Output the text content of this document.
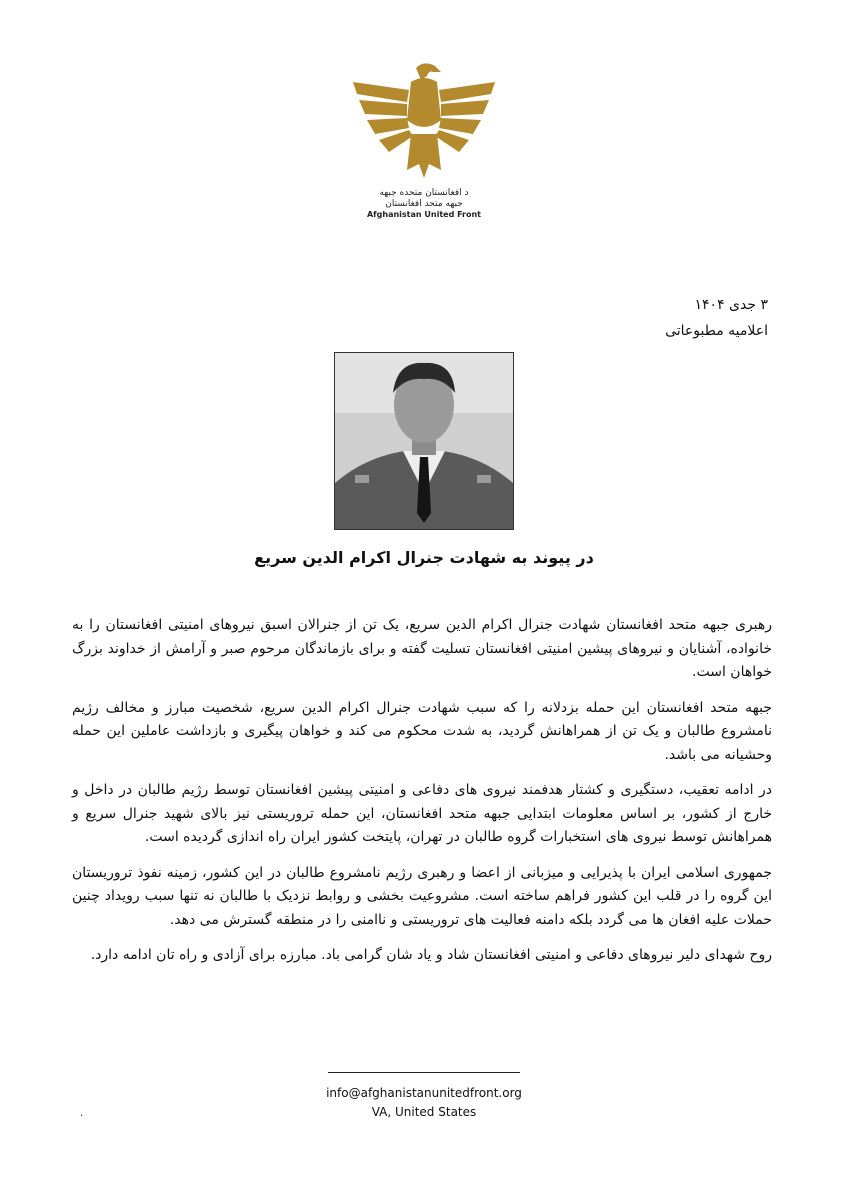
د افغانستان متحده جبهه
جبهه متحد افغانستان
Afghanistan United Front
۳ جدی ۱۴۰۴
اعلامیه مطبوعاتی
در پیوند به شهادت جنرال اکرام الدین سریع

رهبری جبهه متحد افغانستان شهادت جنرال اکرام الدین سریع، یک تن از جنرالان اسبق نیروهای امنیتی افغانستان را به خانواده، آشنایان و نیروهای پیشین امنیتی افغانستان تسلیت گفته و برای بازماندگان مرحوم صبر و آرامش از خداوند بزرگ خواهان است.

جبهه متحد افغانستان این حمله بزدلانه را که سبب شهادت جنرال اکرام الدین سریع، شخصیت مبارز و مخالف رژیم نامشروع طالبان و یک تن از همراهانش گردید، به شدت محکوم می کند و خواهان پیگیری و بازداشت عاملین این حمله وحشیانه می باشد.

در ادامه تعقیب، دستگیری و کشتار هدفمند نیروی های دفاعی و امنیتی پیشین افغانستان توسط رژیم طالبان در داخل و خارج از کشور، بر اساس معلومات ابتدایی جبهه متحد افغانستان، این حمله تروریستی نیز بالای شهید جنرال سریع و همراهانش توسط نیروی های استخبارات گروه طالبان در تهران، پایتخت کشور ایران راه اندازی گردیده است.

جمهوری اسلامی ایران با پذیرایی و میزبانی از اعضا و رهبری رژیم نامشروع طالبان در این کشور، زمینه نفوذ تروریستان این گروه را در قلب این کشور فراهم ساخته است. مشروعیت بخشی و روابط نزدیک با طالبان نه تنها سبب رویداد چنین حملات علیه افغان ها می گردد بلکه دامنه فعالیت های تروریستی و ناامنی را در منطقه گسترش می دهد.

روح شهدای دلیر نیروهای دفاعی و امنیتی افغانستان شاد و یاد شان گرامی باد. مبارزه برای آزادی و راه تان ادامه دارد.

info@afghanistanunitedfront.org
VA, United States
.
